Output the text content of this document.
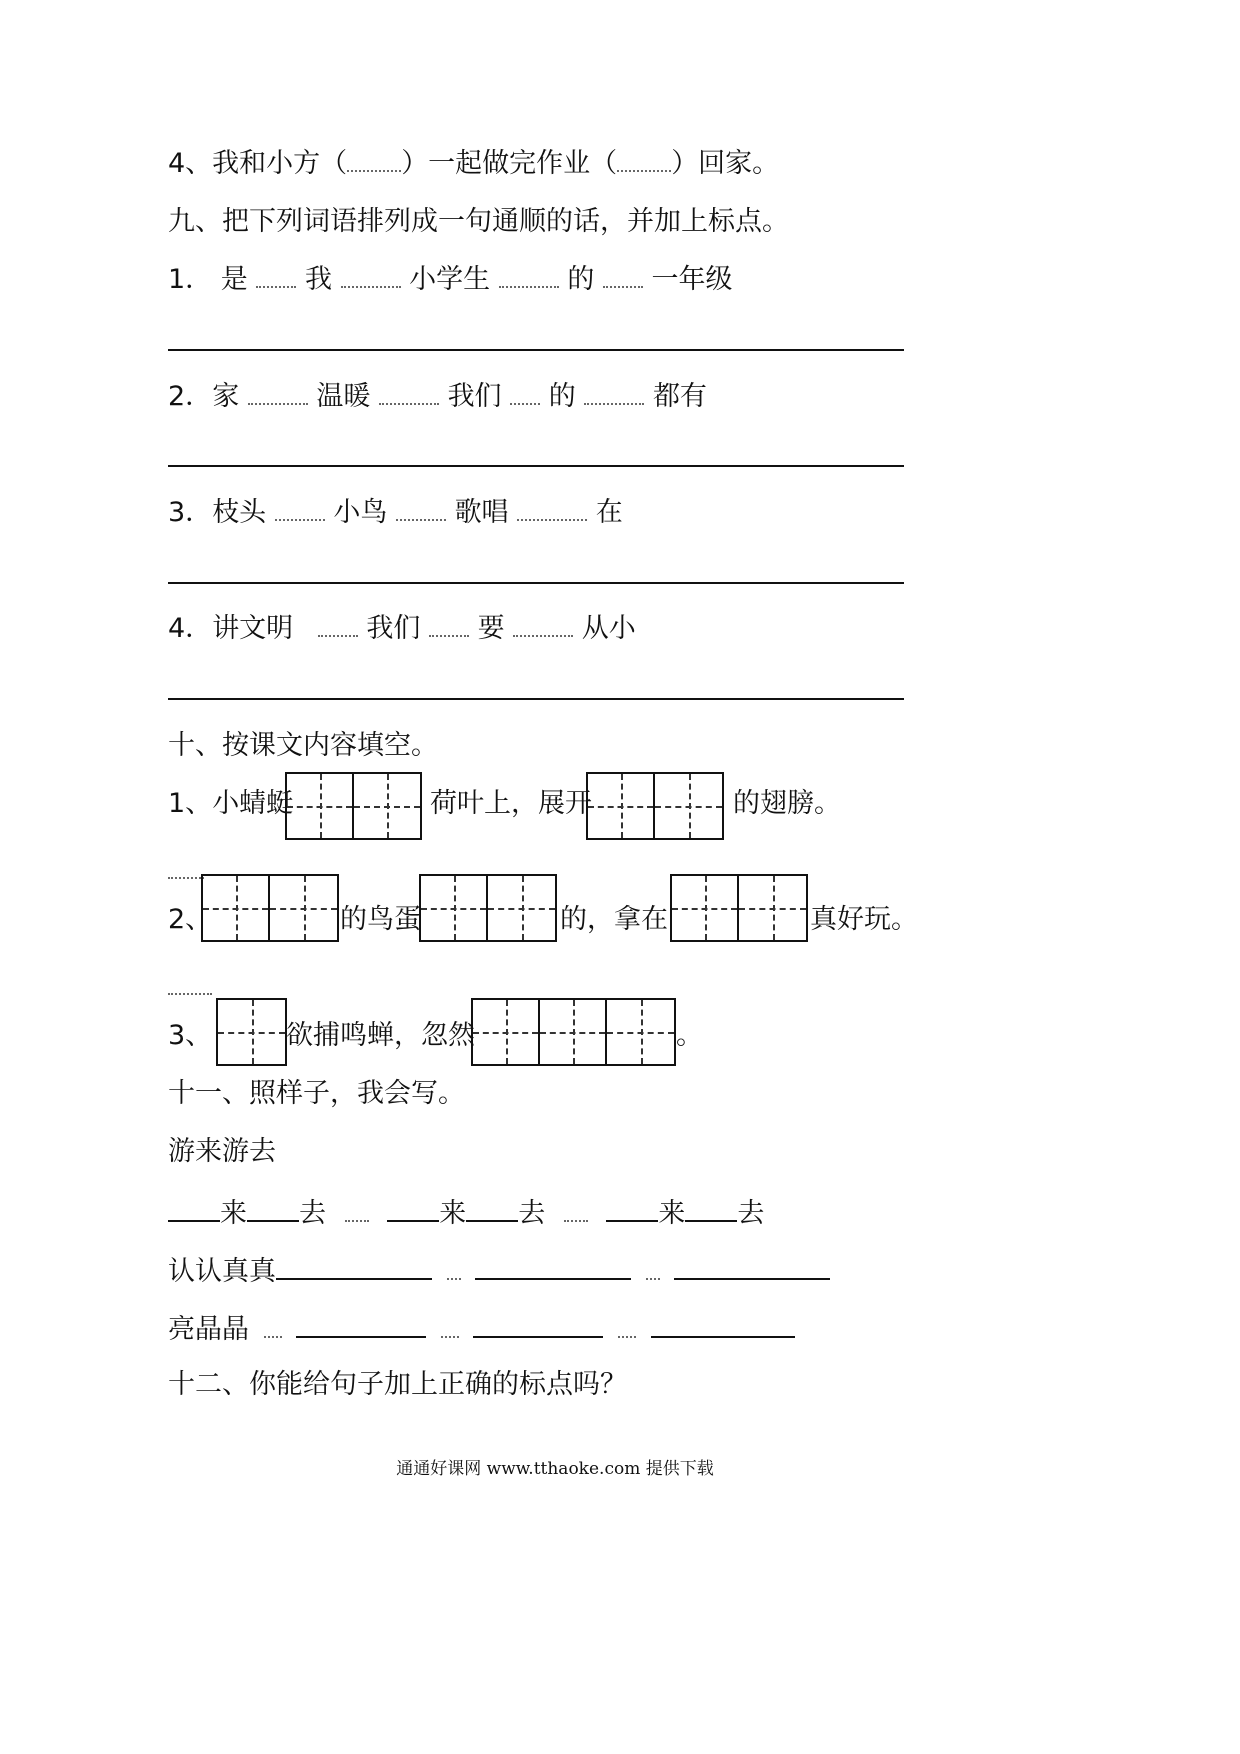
4、我和小方（ ）一起做完作业（ ）回家。
九、把下列词语排列成一句通顺的话，并加上标点。
1． 是 我	小学生	的 一年级
2．家	温暖	我们 的	都有
3．枝头 小鸟 歌唱	在
4．讲文明	我们 要	从小
十、按课文内容填空。
1、小蜻蜓	荷叶上，展开	的翅膀。
2、	的鸟蛋	的，拿在	真好玩。
3、	欲捕鸣蝉，忽然	。
十一、照样子，我会写。
游来游去
来 去	来 去	来 去
认认真真
亮晶晶
十二、你能给句子加上正确的标点吗？
通通好课网 www.tthaoke.com 提供下载
